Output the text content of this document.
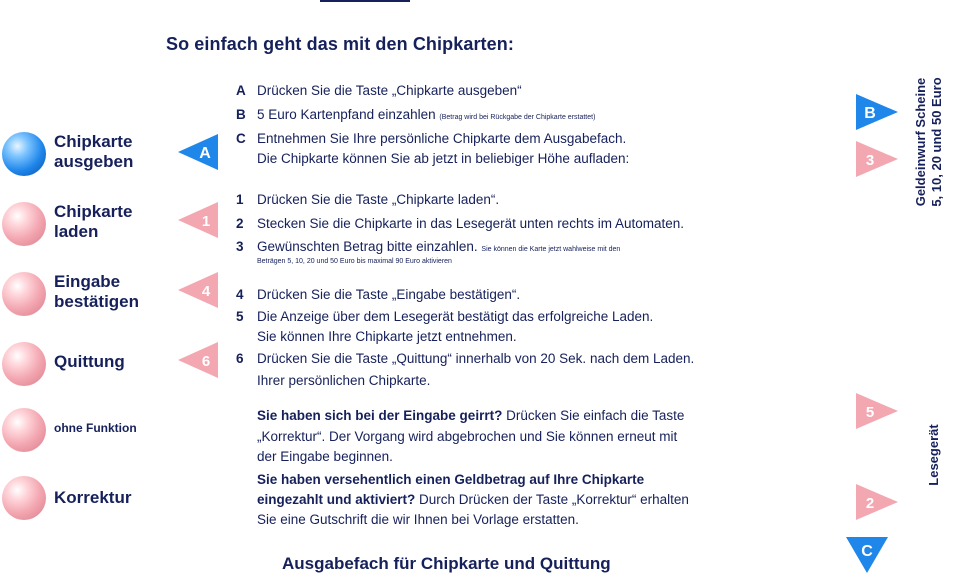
So einfach geht das mit den Chipkarten:
Chipkarte
ausgeben
Chipkarte
laden
Eingabe
bestätigen
Quittung
ohne Funktion
Korrektur
A
1
4
6
A Drücken Sie die Taste „Chipkarte ausgeben“
B 5 Euro Kartenpfand einzahlen (Betrag wird bei Rückgabe der Chipkarte erstattet)
C Entnehmen Sie Ihre persönliche Chipkarte dem Ausgabefach.
Die Chipkarte können Sie ab jetzt in beliebiger Höhe aufladen:
1 Drücken Sie die Taste „Chipkarte laden“.
2 Stecken Sie die Chipkarte in das Lesegerät unten rechts im Automaten.
3 Gewünschten Betrag bitte einzahlen. Sie können die Karte jetzt wahlweise mit den
Beträgen 5, 10, 20 und 50 Euro bis maximal 90 Euro aktivieren
4 Drücken Sie die Taste „Eingabe bestätigen“.
5 Die Anzeige über dem Lesegerät bestätigt das erfolgreiche Laden.
Sie können Ihre Chipkarte jetzt entnehmen.
6 Drücken Sie die Taste „Quittung“ innerhalb von 20 Sek. nach dem Laden.
Ihrer persönlichen Chipkarte.
Sie haben sich bei der Eingabe geirrt? Drücken Sie einfach die Taste
„Korrektur“. Der Vorgang wird abgebrochen und Sie können erneut mit
der Eingabe beginnen.
Sie haben versehentlich einen Geldbetrag auf Ihre Chipkarte
eingezahlt und aktiviert? Durch Drücken der Taste „Korrektur“ erhalten
Sie eine Gutschrift die wir Ihnen bei Vorlage erstatten.
B
3
5
2
C
Geldeinwurf Scheine 5, 10, 20 und 50 Euro
Lesegerät
Ausgabefach für Chipkarte und Quittung
